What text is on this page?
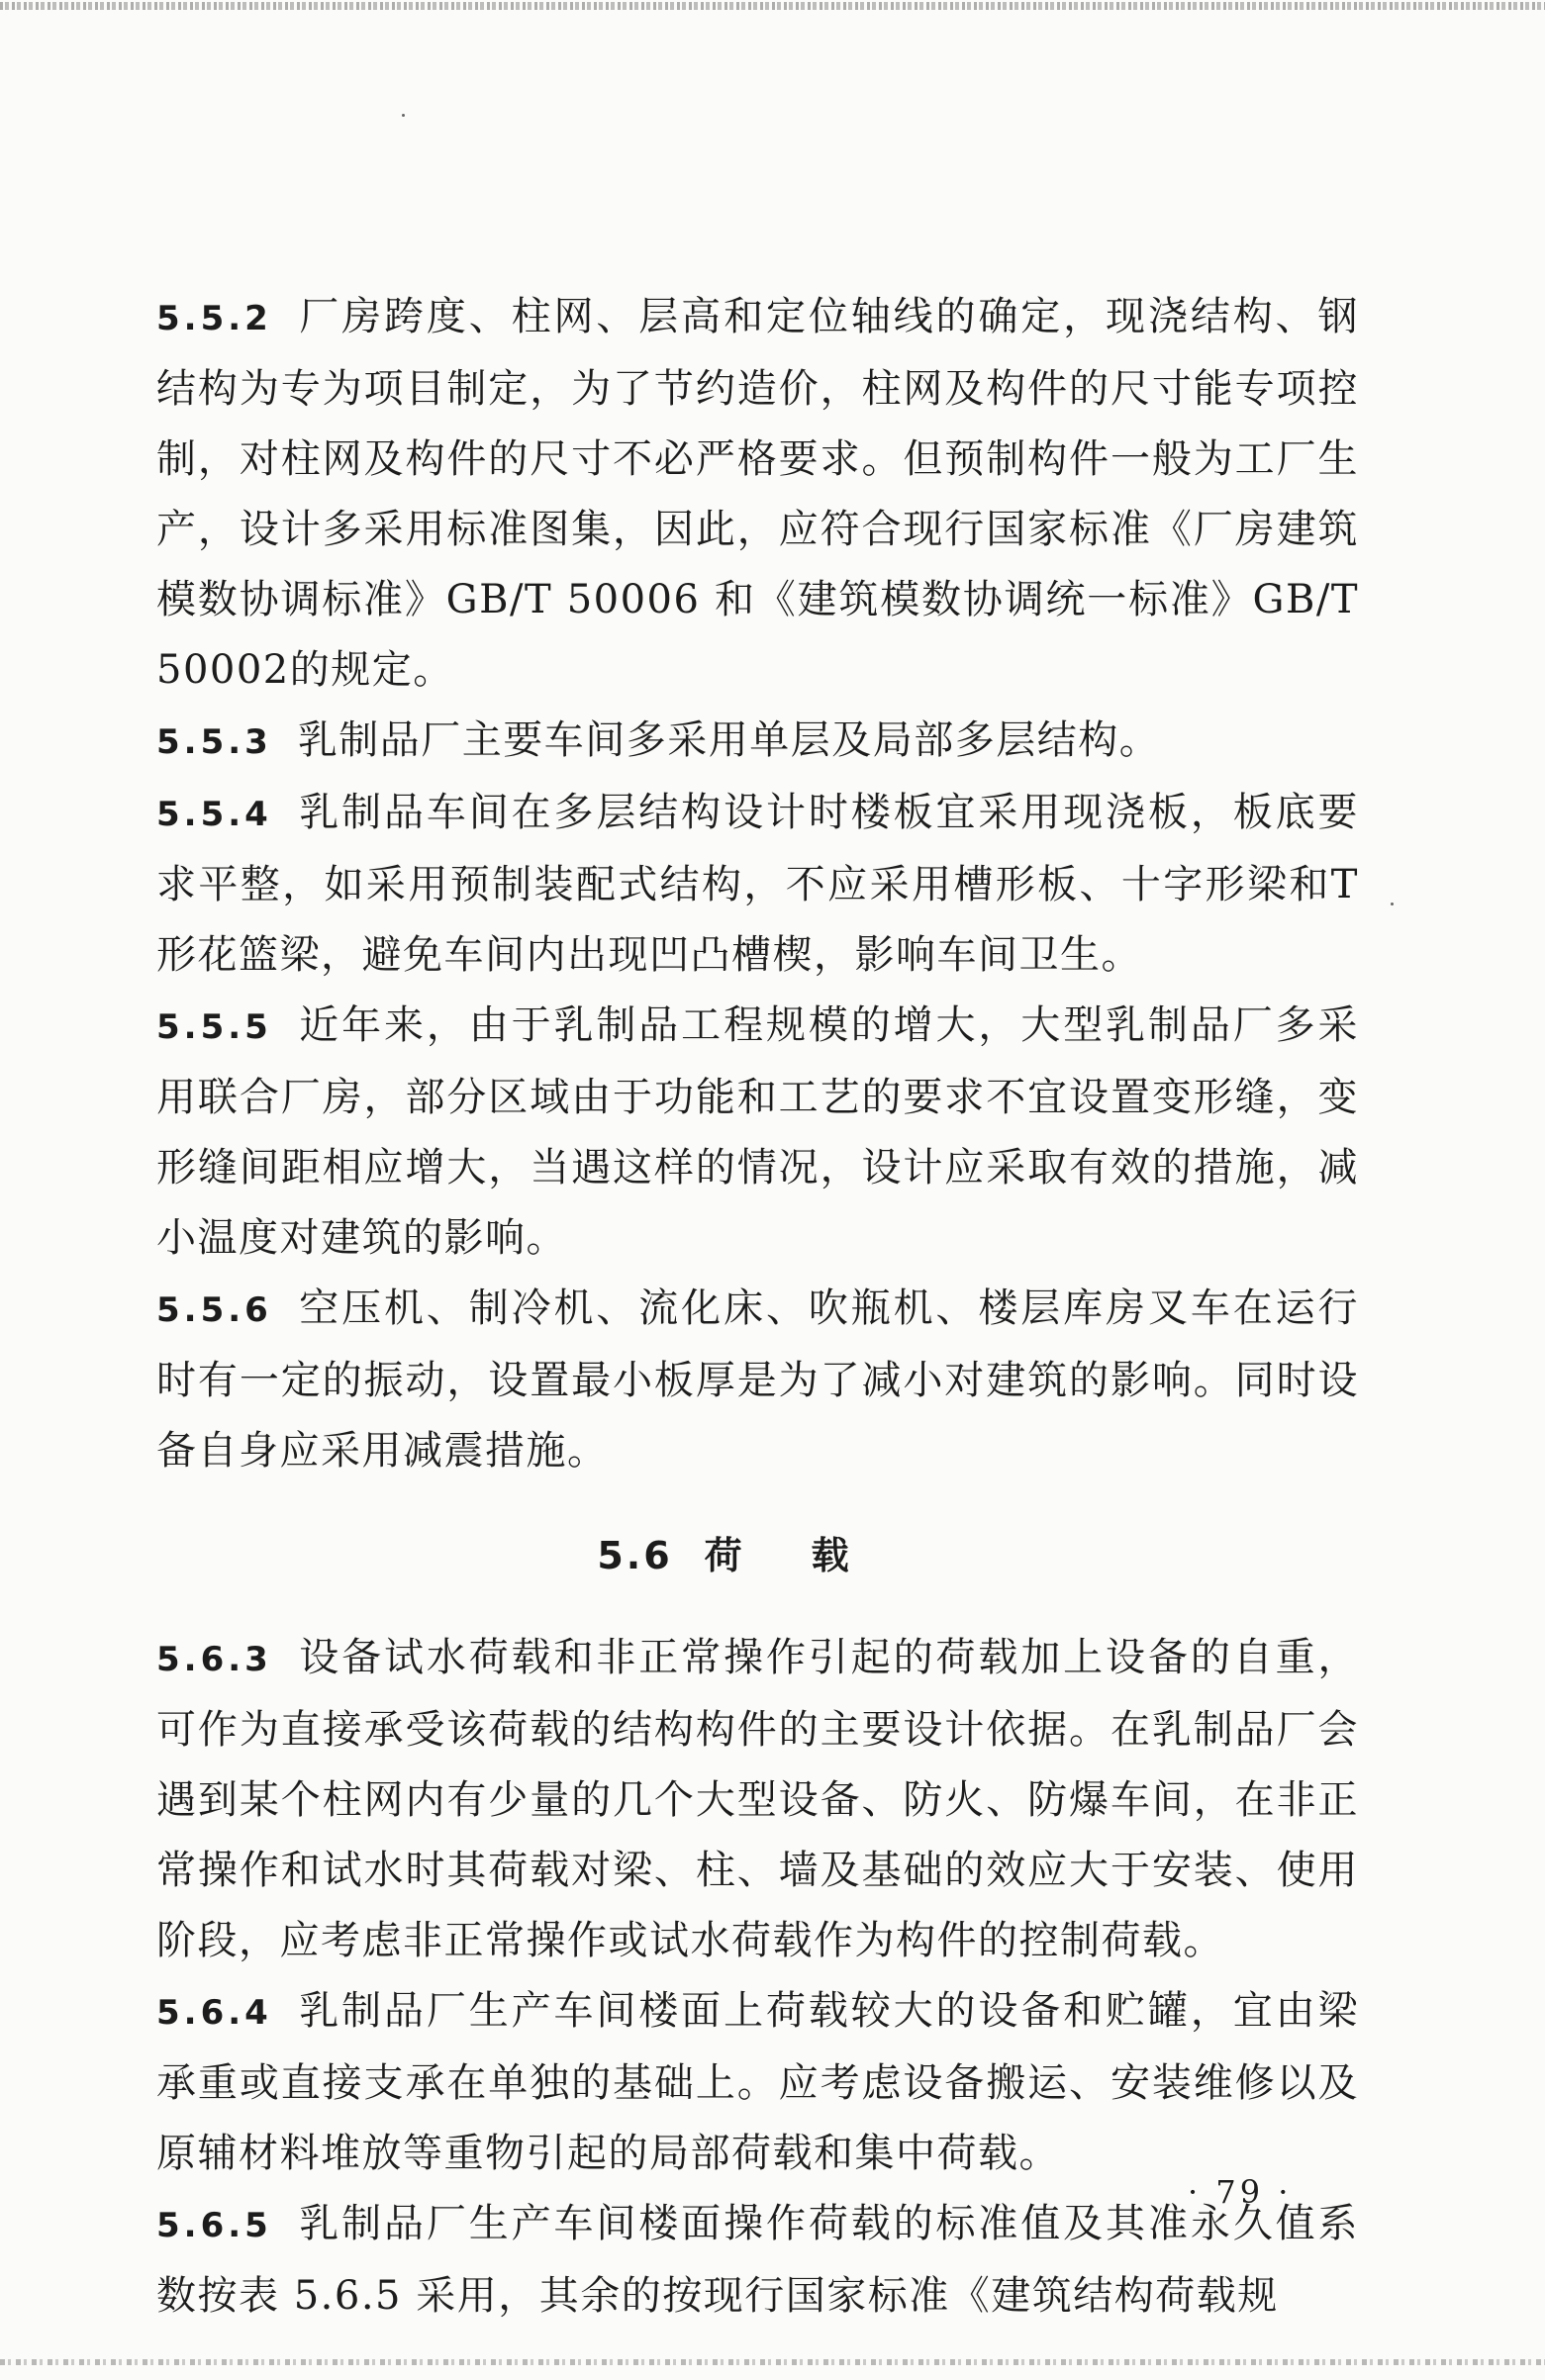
5.5.2 厂房跨度、柱网、层高和定位轴线的确定，现浇结构、钢结构为专为项目制定，为了节约造价，柱网及构件的尺寸能专项控制，对柱网及构件的尺寸不必严格要求。但预制构件一般为工厂生产，设计多采用标准图集，因此，应符合现行国家标准《厂房建筑模数协调标准》GB/T 50006 和《建筑模数协调统一标准》GB/T 50002的规定。

5.5.3 乳制品厂主要车间多采用单层及局部多层结构。

5.5.4 乳制品车间在多层结构设计时楼板宜采用现浇板，板底要求平整，如采用预制装配式结构，不应采用槽形板、十字形梁和T形花篮梁，避免车间内出现凹凸槽楔，影响车间卫生。

5.5.5 近年来，由于乳制品工程规模的增大，大型乳制品厂多采用联合厂房，部分区域由于功能和工艺的要求不宜设置变形缝，变形缝间距相应增大，当遇这样的情况，设计应采取有效的措施，减小温度对建筑的影响。

5.5.6 空压机、制冷机、流化床、吹瓶机、楼层库房叉车在运行时有一定的振动，设置最小板厚是为了减小对建筑的影响。同时设备自身应采用减震措施。

5.6 荷载

5.6.3 设备试水荷载和非正常操作引起的荷载加上设备的自重，可作为直接承受该荷载的结构构件的主要设计依据。在乳制品厂会遇到某个柱网内有少量的几个大型设备、防火、防爆车间，在非正常操作和试水时其荷载对梁、柱、墙及基础的效应大于安装、使用阶段，应考虑非正常操作或试水荷载作为构件的控制荷载。

5.6.4 乳制品厂生产车间楼面上荷载较大的设备和贮罐，宜由梁承重或直接支承在单独的基础上。应考虑设备搬运、安装维修以及原辅材料堆放等重物引起的局部荷载和集中荷载。

5.6.5 乳制品厂生产车间楼面操作荷载的标准值及其准永久值系数按表 5.6.5 采用，其余的按现行国家标准《建筑结构荷载规

· 79 ·
